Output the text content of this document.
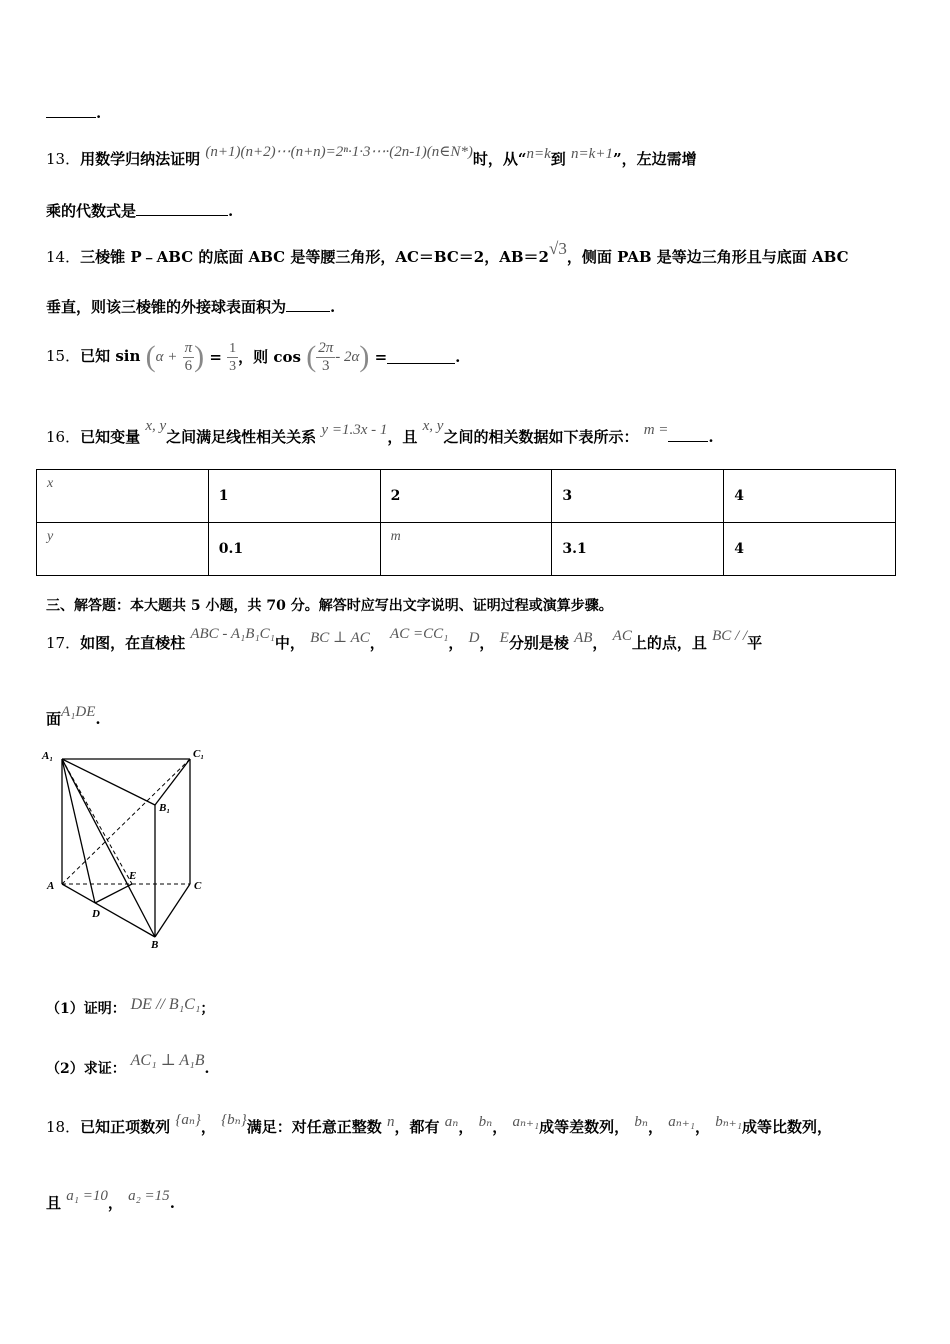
.
13．用数学归纳法证明 (n+1)(n+2)⋯(n+n)=2ⁿ·1·3⋯·(2n-1)(n∈N*)时，从“n=k到 n=k+1”，左边需增
乘的代数式是	.
14．三棱锥 P﹣ABC 的底面 ABC 是等腰三角形，AC＝BC＝2，AB＝2√3，侧面 PAB 是等边三角形且与底面 ABC
垂直，则该三棱锥的外接球表面积为	.
15．已知 $\sin (\alpha + \frac{\pi}{6}$ ) = $\frac{1}{3}$ ，则 cos ( $\frac{2\pi}{3} - 2\alpha$) =	.
16．已知变量 x, y之间满足线性相关关系 y =1.3x - 1，且 x, y之间的相关数据如下表所示： m =	.
x	1	2	3	4
y	0.1	m	3.1	4
三、解答题：本大题共 5 小题，共 70 分。解答时应写出文字说明、证明过程或演算步骤。
17．如图，在直棱柱 ABC - A₁B₁C₁中， BC ⊥ AC， AC =CC₁， D， E分别是棱 AB， AC上的点，且 BC / /平
面A₁DE.
A₁	C₁
B₁
A
E
C
D
B
（1）证明： DE // B₁C₁；
（2）求证： AC₁ ⊥ A₁B.
18．已知正项数列 {aₙ}， {bₙ}满足：对任意正整数 n，都有 aₙ， bₙ， aₙ₊₁成等差数列， bₙ， aₙ₊₁， bₙ₊₁成等比数列，
且 a₁ =10， a₂ =15.
